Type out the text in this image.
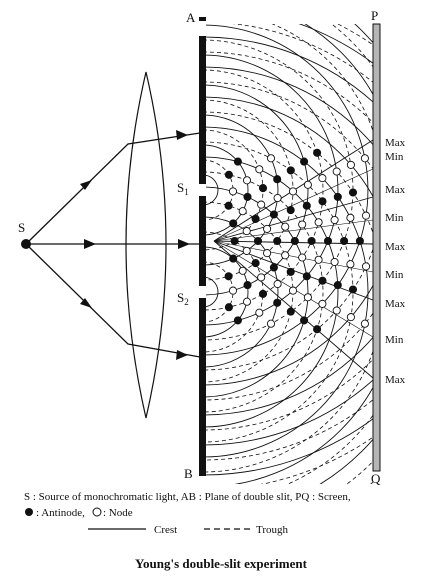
S
A
B
$S_1$
$S_2$
P
Q
Max
Min
Max
Min
Max
Min
Max
Min
Max
S : Source of monochromatic light, AB : Plane of double slit, PQ : Screen,
: Antinode, : Node
Crest	Trough
Young's double-slit experiment
